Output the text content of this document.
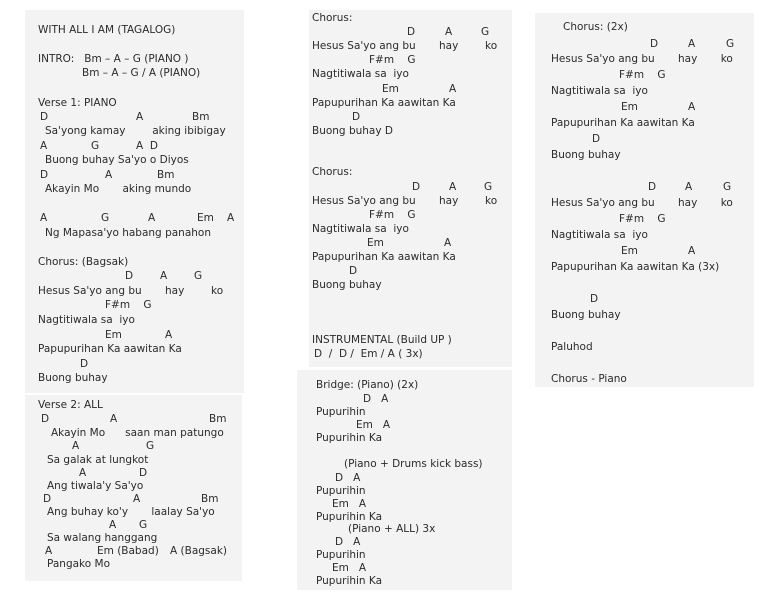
WITH ALL I AM (TAGALOG)
INTRO:   Bm – A – G (PIANO )
Bm – A – G / A (PIANO)
Verse 1: PIANO

D

	A

	Bm

Sa'yong kamay        aking ibibigay

A

	G

	A  D

Buong buhay Sa'yo o Diyos

D

	A

	Bm

Akayin Mo       aking mundo

A

	G

	A

	Em

A

Ng Mapasa'yo habang panahon
Chorus: (Bagsak)

D

	A

	G

Hesus Sa'yo ang bu       hay        ko
F#m    G
Nagtitiwala sa  iyo

Em

	A

Papupurihan Ka aawitan Ka
D
Buong buhay
Verse 2: ALL

D

	A

	Bm

Akayin Mo      saan man patungo

A

	G

Sa galak at lungkot

A

	D

Ang tiwala'y Sa'yo

D

	A

	Bm

Ang buhay ko'y       laalay Sa'yo

A

G

Sa walang hanggang

A

	Em (Babad)

A (Bagsak)

Pangako Mo
Chorus:

D

	A

	G

Hesus Sa'yo ang bu       hay        ko
F#m    G
Nagtitiwala sa  iyo

Em

	A

Papupurihan Ka aawitan Ka
D
Buong buhay D
Chorus:

D

	A

	G

Hesus Sa'yo ang bu       hay        ko
F#m    G
Nagtitiwala sa  iyo

Em

	A

Papupurihan Ka aawitan Ka
D
Buong buhay
INSTRUMENTAL (Build UP )
D  /  D /  Em / A ( 3x)
Bridge: (Piano) (2x)
D   A
Pupurihin
Em   A
Pupurihin Ka
(Piano + Drums kick bass)
D   A
Pupurihin
Em   A
Pupurihin Ka
(Piano + ALL) 3x
D   A
Pupurihin
Em   A
Pupurihin Ka
Chorus: (2x)

D

	A

	G

Hesus Sa'yo ang bu       hay       ko
F#m    G
Nagtitiwala sa  iyo

Em

	A

Papupurihan Ka aawitan Ka
D
Buong buhay

D

	A

	G

Hesus Sa'yo ang bu       hay       ko
F#m    G
Nagtitiwala sa  iyo

Em

	A

Papupurihan Ka aawitan Ka (3x)
D
Buong buhay
Paluhod
Chorus - Piano
